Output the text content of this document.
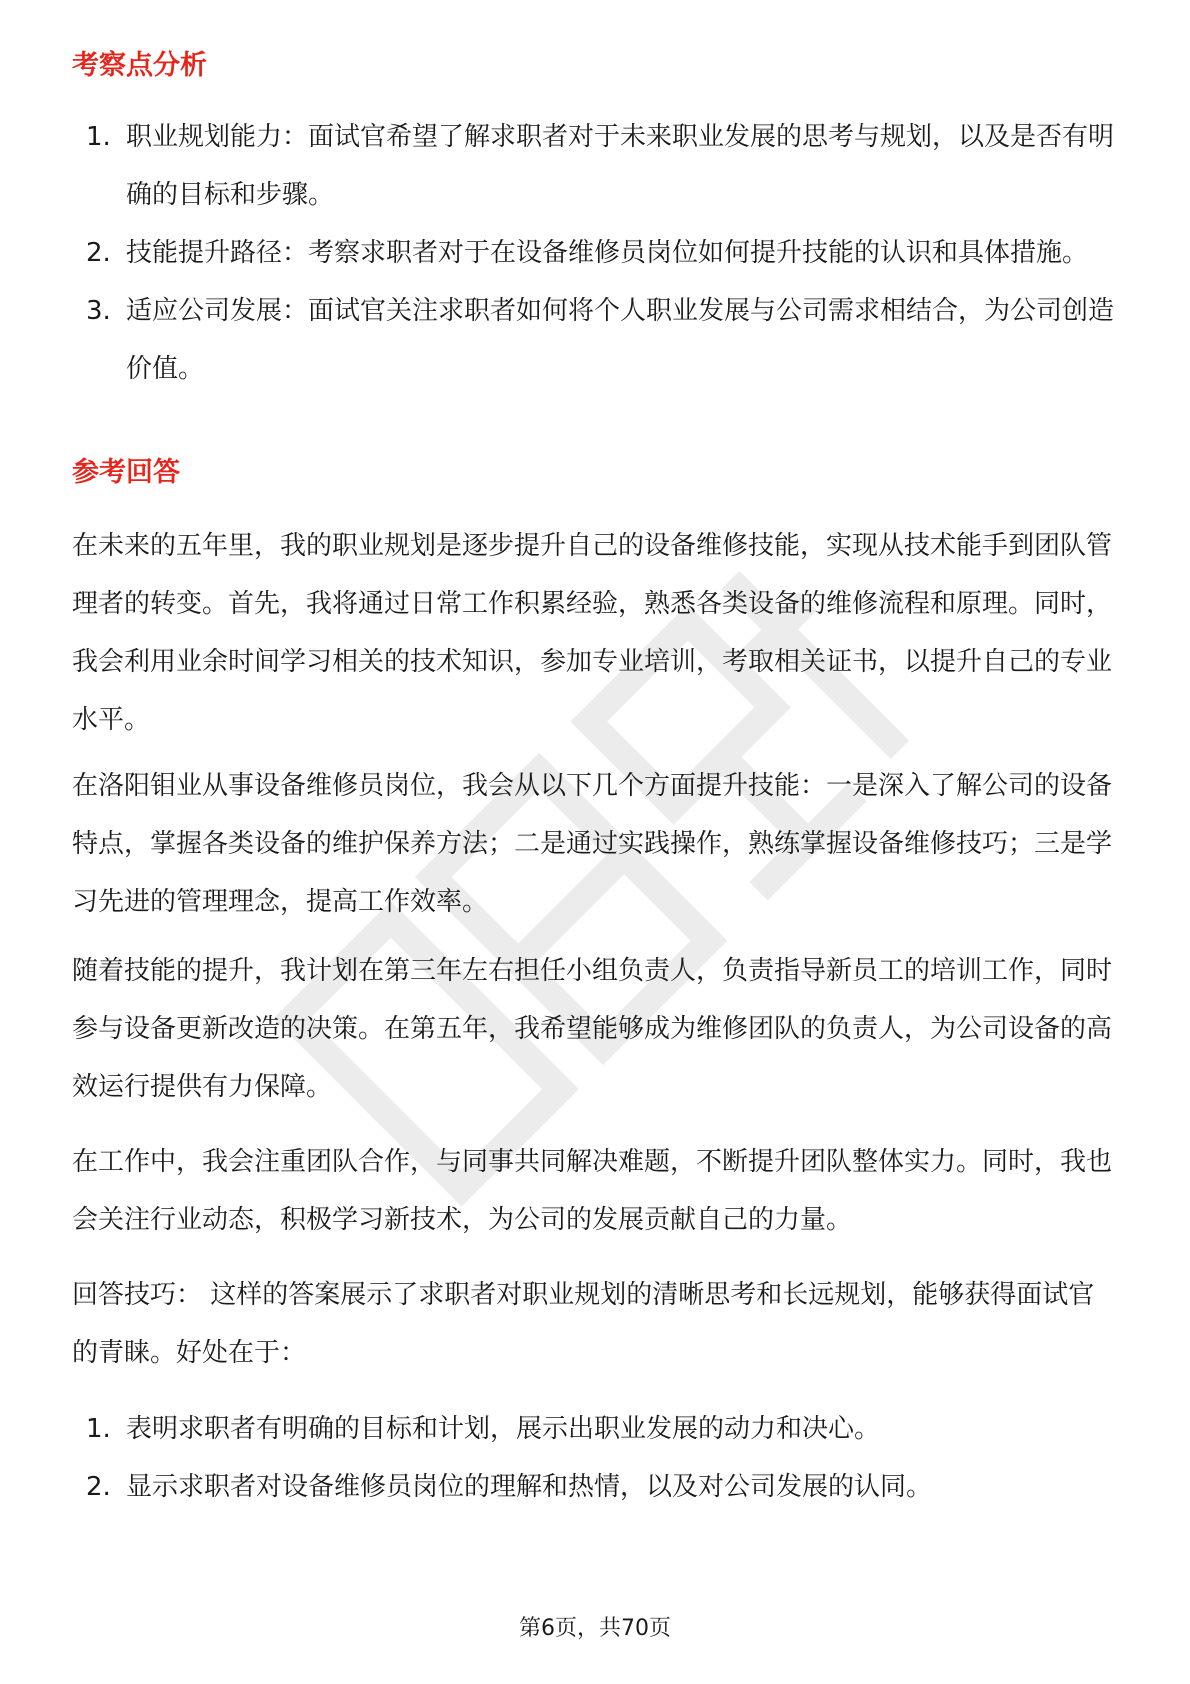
考察点分析
1. 职业规划能力：面试官希望了解求职者对于未来职业发展的思考与规划，以及是否有明确的目标和步骤。
2. 技能提升路径：考察求职者对于在设备维修员岗位如何提升技能的认识和具体措施。
3. 适应公司发展：面试官关注求职者如何将个人职业发展与公司需求相结合，为公司创造价值。
参考回答

在未来的五年里，我的职业规划是逐步提升自己的设备维修技能，实现从技术能手到团队管理者的转变。首先，我将通过日常工作积累经验，熟悉各类设备的维修流程和原理。同时，我会利用业余时间学习相关的技术知识，参加专业培训，考取相关证书，以提升自己的专业水平。

在洛阳钼业从事设备维修员岗位，我会从以下几个方面提升技能：一是深入了解公司的设备特点，掌握各类设备的维护保养方法；二是通过实践操作，熟练掌握设备维修技巧；三是学习先进的管理理念，提高工作效率。

随着技能的提升，我计划在第三年左右担任小组负责人，负责指导新员工的培训工作，同时参与设备更新改造的决策。在第五年，我希望能够成为维修团队的负责人，为公司设备的高效运行提供有力保障。

在工作中，我会注重团队合作，与同事共同解决难题，不断提升团队整体实力。同时，我也会关注行业动态，积极学习新技术，为公司的发展贡献自己的力量。

回答技巧： 这样的答案展示了求职者对职业规划的清晰思考和长远规划，能够获得面试官的青睐。好处在于：

1. 表明求职者有明确的目标和计划，展示出职业发展的动力和决心。
2. 显示求职者对设备维修员岗位的理解和热情，以及对公司发展的认同。
第6页，共70页
